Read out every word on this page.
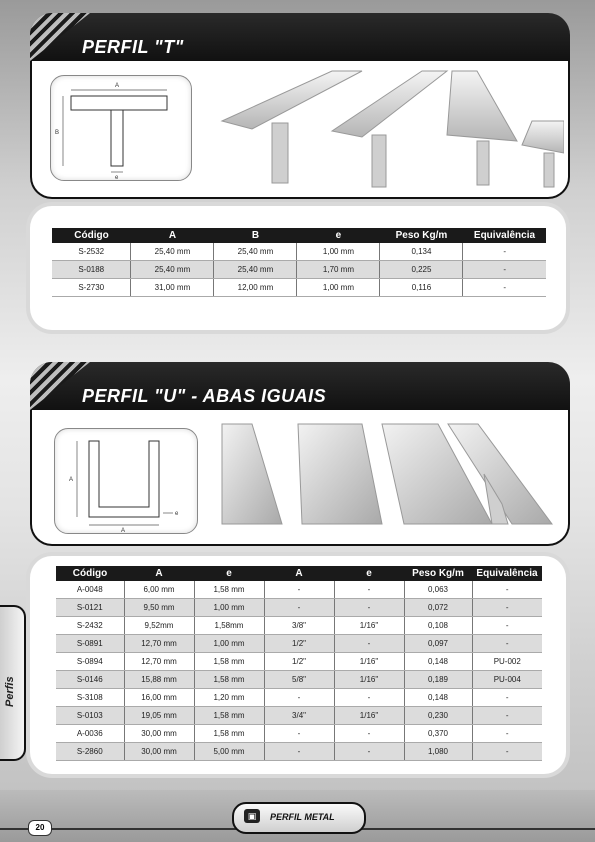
PERFIL "T"
A
B
e
Código	A	B	e	Peso Kg/m	Equivalência
S-2532	25,40 mm	25,40 mm	1,00 mm	0,134	-
S-0188	25,40 mm	25,40 mm	1,70 mm	0,225	-
S-2730	31,00 mm	12,00 mm	1,00 mm	0,116	-
PERFIL "U" - ABAS IGUAIS
A
A
e
Código	A	e	A	e	Peso Kg/m	Equivalência
A-0048	6,00 mm	1,58 mm	-	-	0,063	-
S-0121	9,50 mm	1,00 mm	-	-	0,072	-
S-2432	9,52mm	1,58mm	3/8"	1/16"	0,108	-
S-0891	12,70 mm	1,00 mm	1/2"	-	0,097	-
S-0894	12,70 mm	1,58 mm	1/2"	1/16"	0,148	PU-002
S-0146	15,88 mm	1,58 mm	5/8"	1/16"	0,189	PU-004
S-3108	16,00 mm	1,20 mm	-	-	0,148	-
S-0103	19,05 mm	1,58 mm	3/4"	1/16"	0,230	-
A-0036	30,00 mm	1,58 mm	-	-	0,370	-
S-2860	30,00 mm	5,00 mm	-	-	1,080	-
Perfis
20
▣	PERFIL METAL
